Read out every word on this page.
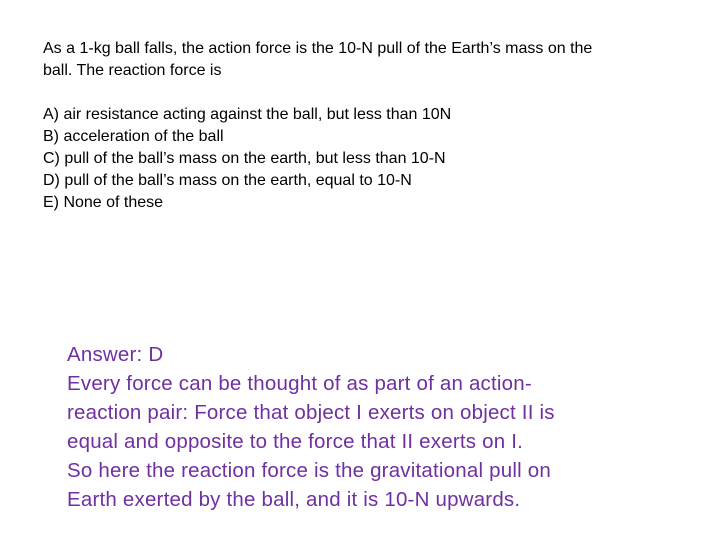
As a 1-kg ball falls, the action force is the 10-N pull of the Earth’s mass on the
ball. The reaction force is
A) air resistance acting against the ball, but less than 10N
B) acceleration of the ball
C) pull of the ball’s mass on the earth, but less than 10-N
D) pull of the ball’s mass on the earth, equal to 10-N
E) None of these
Answer: D
Every force can be thought of as part of an action-
reaction pair: Force that object I exerts on object II is
equal and opposite to the force that II exerts on I.
So here the reaction force is the gravitational pull on
Earth exerted by the ball, and it is 10-N upwards.
